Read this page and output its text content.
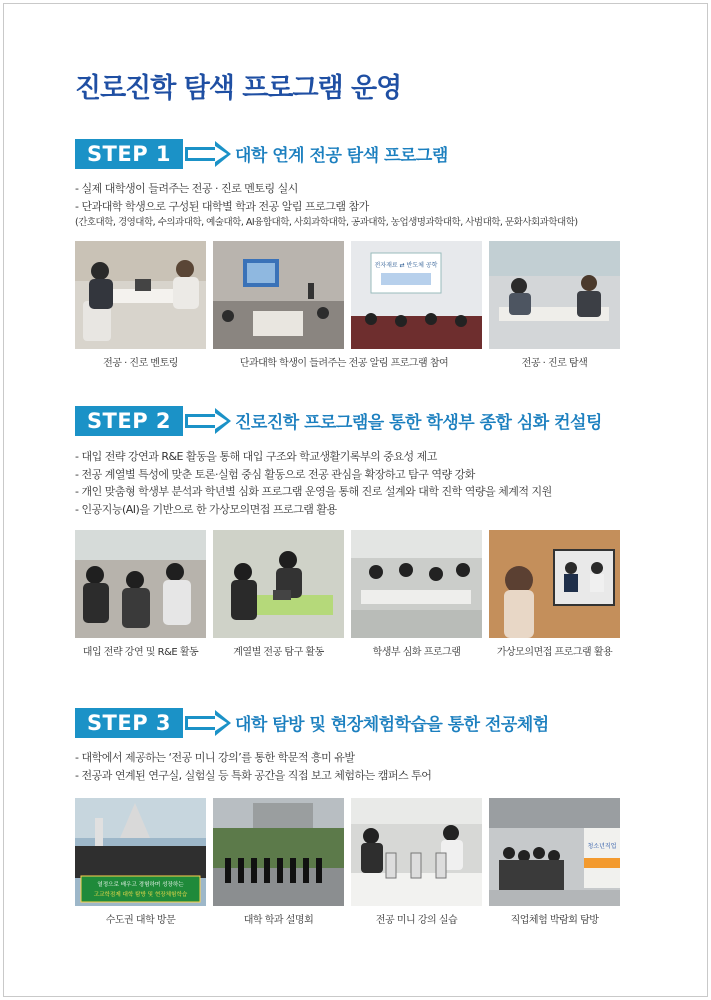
진로진학 탐색 프로그램 운영
STEP 1	대학 연계 전공 탐색 프로그램
- 실제 대학생이 들려주는 전공 · 진로 멘토링 실시
- 단과대학 학생으로 구성된 대학별 학과 전공 알림 프로그램 참가
(간호대학, 경영대학, 수의과대학, 예술대학, AI융합대학, 사회과학대학, 공과대학, 농업생명과학대학, 사범대학, 문화사회과학대학)
전자재료 ⇄ 반도체 공학
전공 · 진로 멘토링	단과대학 학생이 들려주는 전공 알림 프로그램 참여	전공 · 진로 탐색
STEP 2	진로진학 프로그램을 통한 학생부 종합 심화 컨설팅
- 대입 전략 강연과 R&E 활동을 통해 대입 구조와 학교생활기록부의 중요성 제고
- 전공 계열별 특성에 맞춘 토론·실험 중심 활동으로 전공 관심을 확장하고 탐구 역량 강화
- 개인 맞춤형 학생부 분석과 학년별 심화 프로그램 운영을 통해 진로 설계와 대학 진학 역량을 체계적 지원
- 인공지능(AI)을 기반으로 한 가상모의면접 프로그램 활용
대입 전략 강연 및 R&E 활동	계열별 전공 탐구 활동	학생부 심화 프로그램	가상모의면접 프로그램 활용
STEP 3	대학 탐방 및 현장체험학습을 통한 전공체험
- 대학에서 제공하는 ‘전공 미니 강의’를 통한 학문적 흥미 유발
- 전공과 연계된 연구실, 실험실 등 특화 공간을 직접 보고 체험하는 캠퍼스 투어
열정으로 배우고 경험하며 성장하는
고교학점제 대학 탐방 및 현장체험학습
청소년직업
수도권 대학 방문	대학 학과 설명회	전공 미니 강의 실습	직업체험 박람회 탐방
